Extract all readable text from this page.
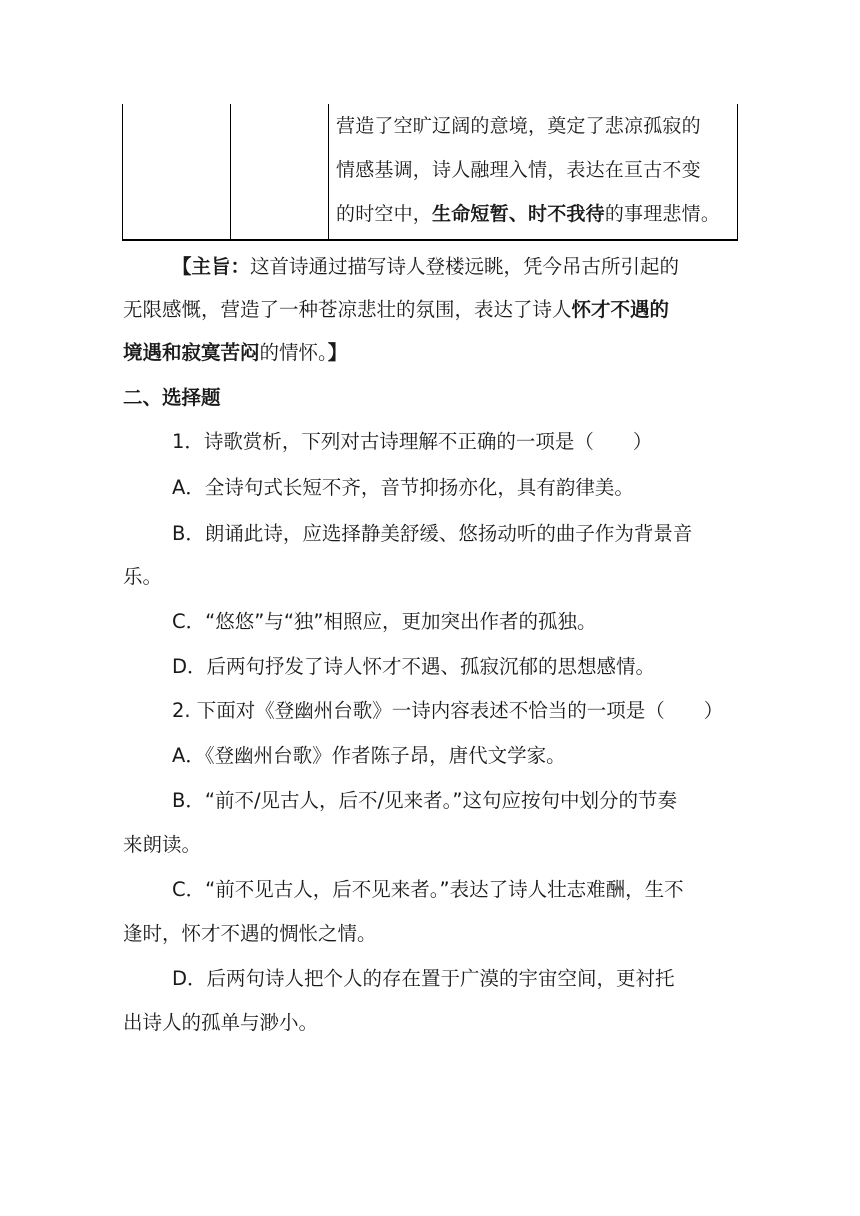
营造了空旷辽阔的意境，奠定了悲凉孤寂的
情感基调，诗人融理入情，表达在亘古不变
的时空中，生命短暂、时不我待的事理悲情。
【主旨：这首诗通过描写诗人登楼远眺，凭今吊古所引起的
无限感慨，营造了一种苍凉悲壮的氛围，表达了诗人怀才不遇的
境遇和寂寞苦闷的情怀。】
二、选择题
1．诗歌赏析，下列对古诗理解不正确的一项是（　　）
A．全诗句式长短不齐，音节抑扬亦化，具有韵律美。
B．朗诵此诗，应选择静美舒缓、悠扬动听的曲子作为背景音
乐。
C．“悠悠”与“独”相照应，更加突出作者的孤独。
D．后两句抒发了诗人怀才不遇、孤寂沉郁的思想感情。
2. 下面对《登幽州台歌》一诗内容表述不恰当的一项是（　　）
A．《登幽州台歌》作者陈子昂，唐代文学家。
B．“前不/见古人，后不/见来者。”这句应按句中划分的节奏
来朗读。
C．“前不见古人，后不见来者。”表达了诗人壮志难酬，生不
逢时，怀才不遇的惆怅之情。
D．后两句诗人把个人的存在置于广漠的宇宙空间，更衬托
出诗人的孤单与渺小。
